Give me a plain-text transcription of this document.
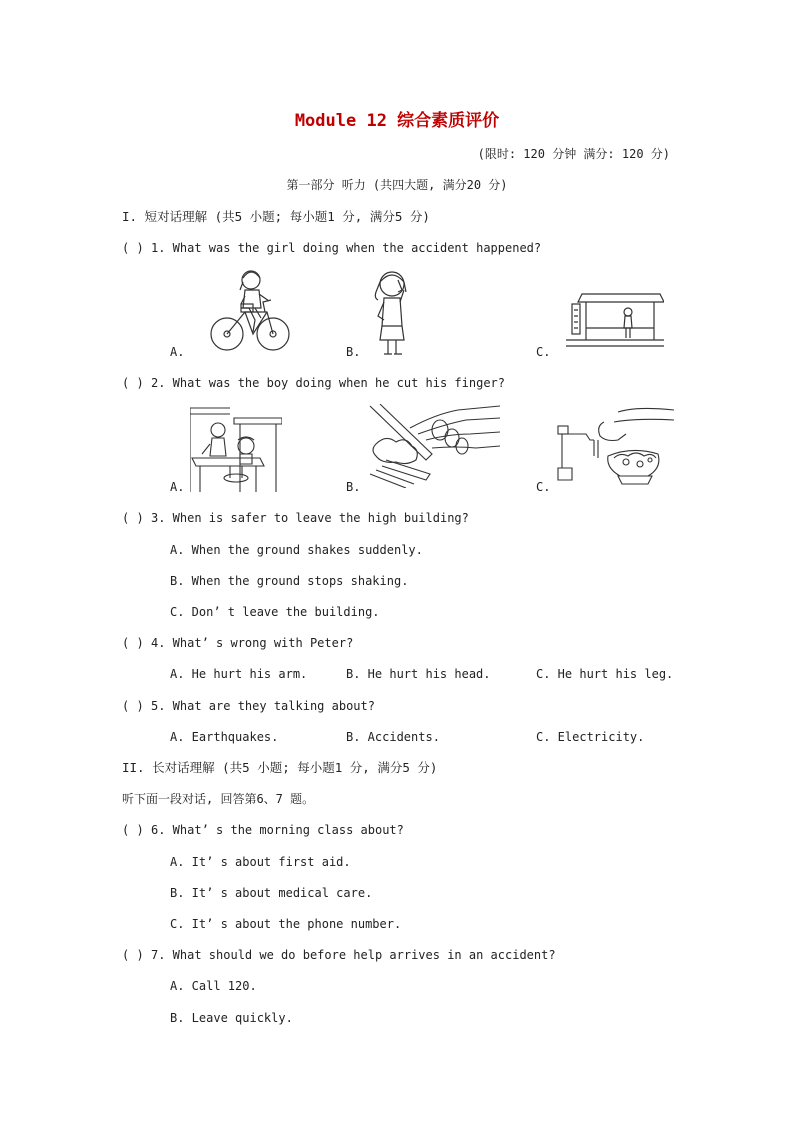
Module 12 综合素质评价
(限时: 120 分钟 满分: 120 分)
第一部分 听力 (共四大题, 满分20 分)
I. 短对话理解 (共5 小题; 每小题1 分, 满分5 分)
( ) 1. What was the girl doing when the accident happened?
A.	B.	C.
( ) 2. What was the boy doing when he cut his finger?
A.	B.	C.
( ) 3. When is safer to leave the high building?
A. When the ground shakes suddenly.
B. When the ground stops shaking.
C. Don’ t leave the building.
( ) 4. What’ s wrong with Peter?
A. He hurt his arm.	B. He hurt his head.	C. He hurt his leg.
( ) 5. What are they talking about?
A. Earthquakes.	B. Accidents.	C. Electricity.
II. 长对话理解 (共5 小题; 每小题1 分, 满分5 分)
听下面一段对话, 回答第6、7 题。
( ) 6. What’ s the morning class about?
A. It’ s about first aid.
B. It’ s about medical care.
C. It’ s about the phone number.
( ) 7. What should we do before help arrives in an accident?
A. Call 120.
B. Leave quickly.
